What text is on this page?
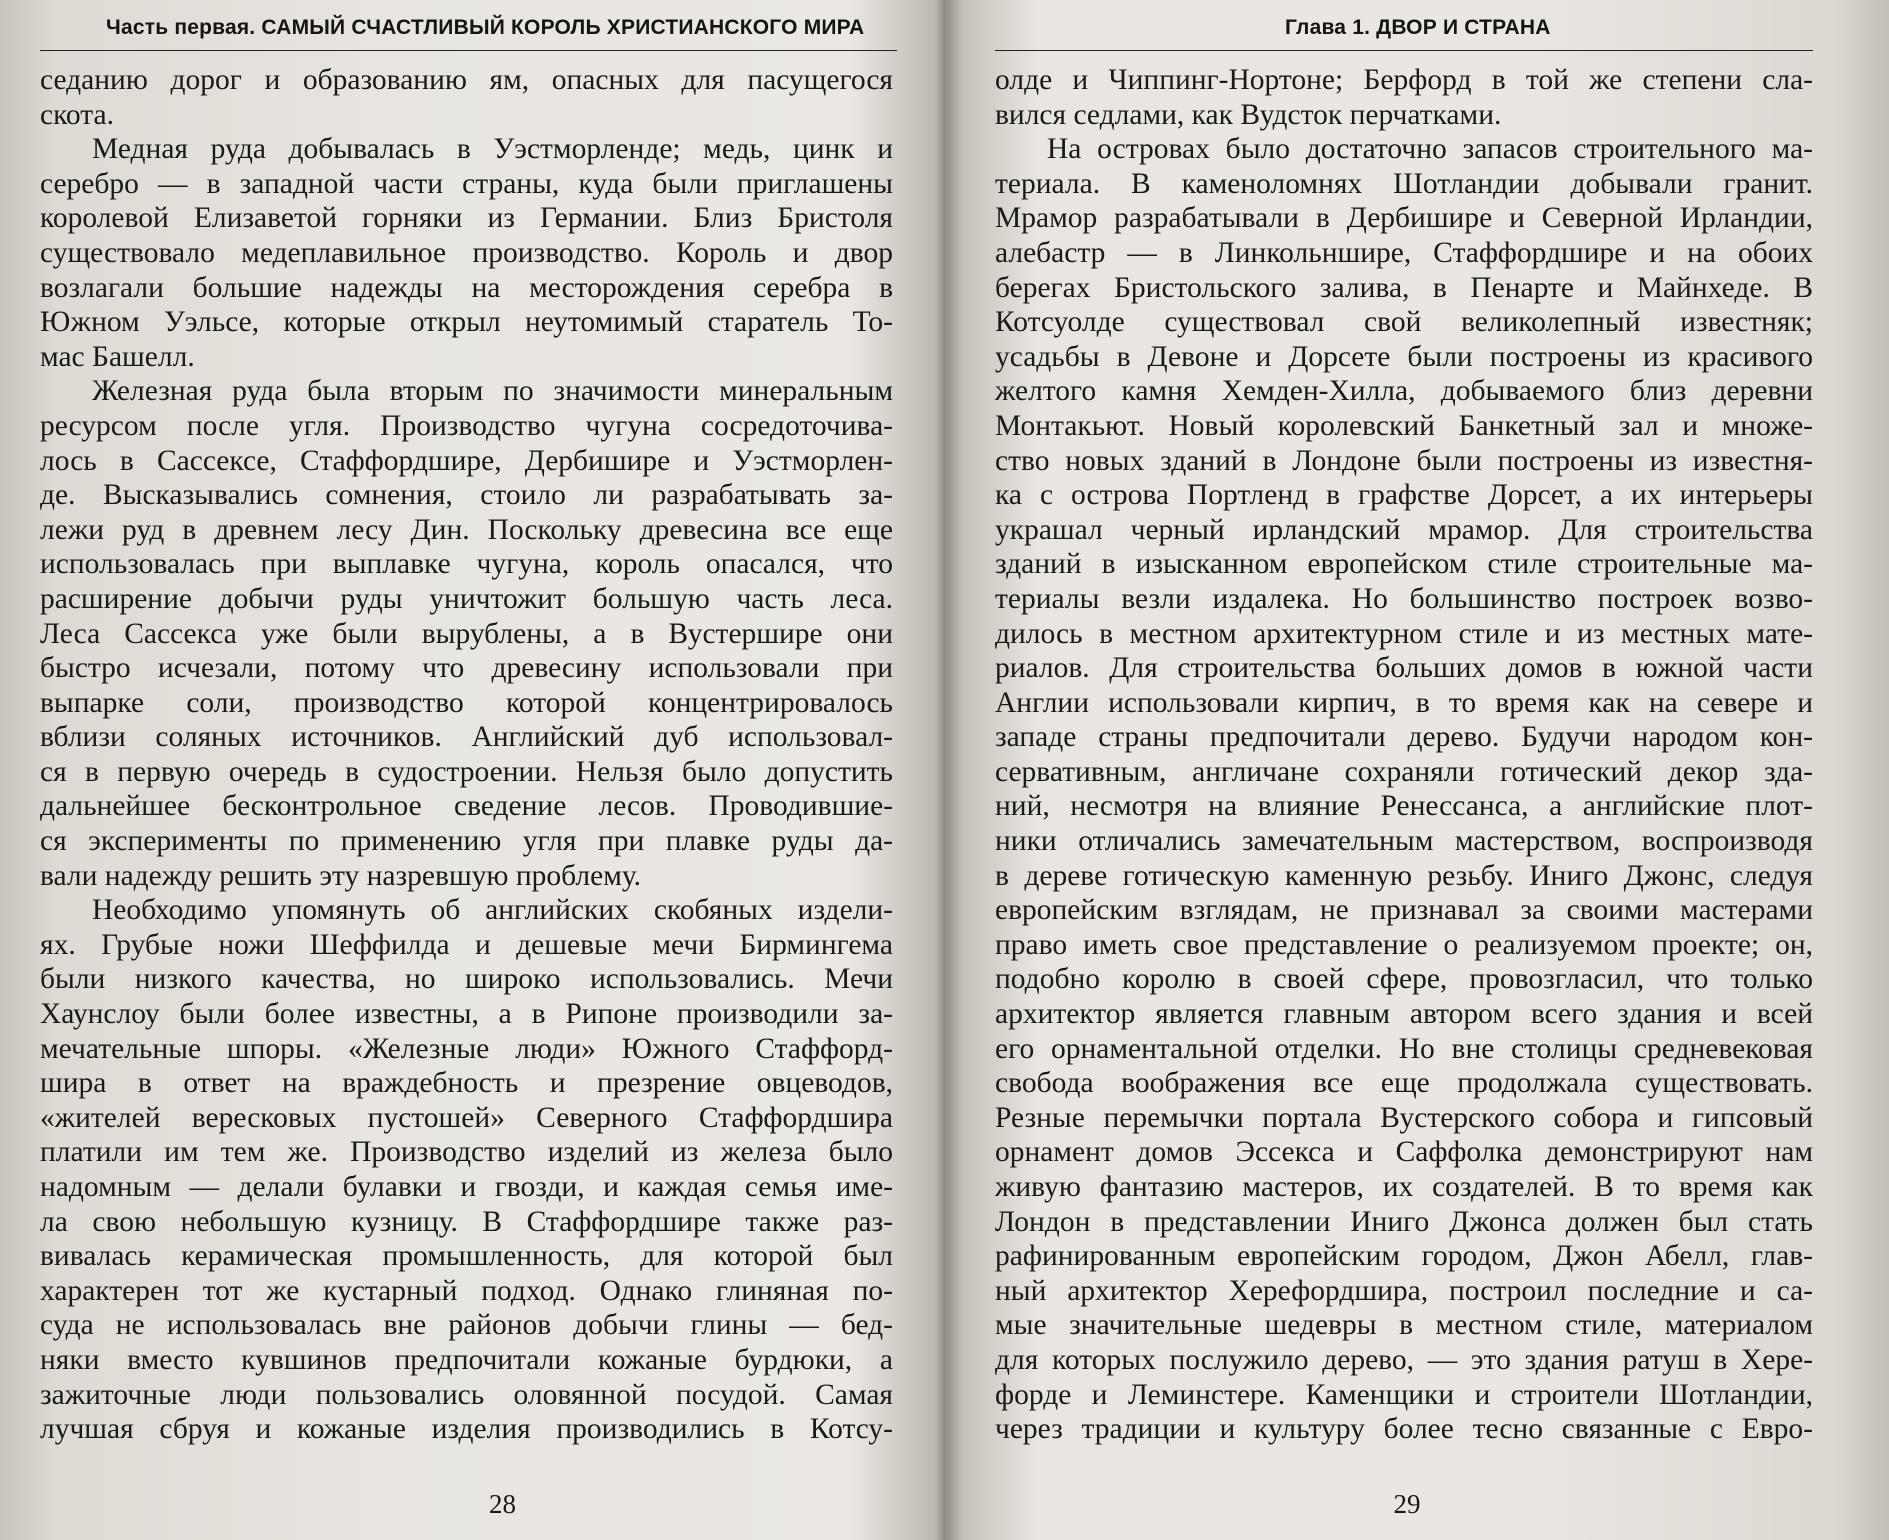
Часть первая. САМЫЙ СЧАСТЛИВЫЙ КОРОЛЬ ХРИСТИАНСКОГО МИРА
седанию дорог и образованию ям, опасных для пасущегося
скота.
Медная руда добывалась в Уэстморленде; медь, цинк и
серебро — в западной части страны, куда были приглашены
королевой Елизаветой горняки из Германии. Близ Бристоля
существовало медеплавильное производство. Король и двор
возлагали большие надежды на месторождения серебра в
Южном Уэльсе, которые открыл неутомимый старатель То-
мас Башелл.
Железная руда была вторым по значимости минеральным
ресурсом после угля. Производство чугуна сосредоточива-
лось в Сассексе, Стаффордшире, Дербишире и Уэстморлен-
де. Высказывались сомнения, стоило ли разрабатывать за-
лежи руд в древнем лесу Дин. Поскольку древесина все еще
использовалась при выплавке чугуна, король опасался, что
расширение добычи руды уничтожит большую часть леса.
Леса Сассекса уже были вырублены, а в Вустершире они
быстро исчезали, потому что древесину использовали при
выпарке соли, производство которой концентрировалось
вблизи соляных источников. Английский дуб использовал-
ся в первую очередь в судостроении. Нельзя было допустить
дальнейшее бесконтрольное сведение лесов. Проводившие-
ся эксперименты по применению угля при плавке руды да-
вали надежду решить эту назревшую проблему.
Необходимо упомянуть об английских скобяных издели-
ях. Грубые ножи Шеффилда и дешевые мечи Бирмингема
были низкого качества, но широко использовались. Мечи
Хаунслоу были более известны, а в Рипоне производили за-
мечательные шпоры. «Железные люди» Южного Стаффорд-
шира в ответ на враждебность и презрение овцеводов,
«жителей вересковых пустошей» Северного Стаффордшира
платили им тем же. Производство изделий из железа было
надомным — делали булавки и гвозди, и каждая семья име-
ла свою небольшую кузницу. В Стаффордшире также раз-
вивалась керамическая промышленность, для которой был
характерен тот же кустарный подход. Однако глиняная по-
суда не использовалась вне районов добычи глины — бед-
няки вместо кувшинов предпочитали кожаные бурдюки, а
зажиточные люди пользовались оловянной посудой. Самая
лучшая сбруя и кожаные изделия производились в Котсу-
28
Глава 1. ДВОР И СТРАНА
олде и Чиппинг-Нортоне; Берфорд в той же степени сла-
вился седлами, как Вудсток перчатками.
На островах было достаточно запасов строительного ма-
териала. В каменоломнях Шотландии добывали гранит.
Мрамор разрабатывали в Дербишире и Северной Ирландии,
алебастр — в Линкольншире, Стаффордшире и на обоих
берегах Бристольского залива, в Пенарте и Майнхеде. В
Котсуолде существовал свой великолепный известняк;
усадьбы в Девоне и Дорсете были построены из красивого
желтого камня Хемден-Хилла, добываемого близ деревни
Монтакьют. Новый королевский Банкетный зал и множе-
ство новых зданий в Лондоне были построены из известня-
ка с острова Портленд в графстве Дорсет, а их интерьеры
украшал черный ирландский мрамор. Для строительства
зданий в изысканном европейском стиле строительные ма-
териалы везли издалека. Но большинство построек возво-
дилось в местном архитектурном стиле и из местных мате-
риалов. Для строительства больших домов в южной части
Англии использовали кирпич, в то время как на севере и
западе страны предпочитали дерево. Будучи народом кон-
сервативным, англичане сохраняли готический декор зда-
ний, несмотря на влияние Ренессанса, а английские плот-
ники отличались замечательным мастерством, воспроизводя
в дереве готическую каменную резьбу. Иниго Джонс, следуя
европейским взглядам, не признавал за своими мастерами
право иметь свое представление о реализуемом проекте; он,
подобно королю в своей сфере, провозгласил, что только
архитектор является главным автором всего здания и всей
его орнаментальной отделки. Но вне столицы средневековая
свобода воображения все еще продолжала существовать.
Резные перемычки портала Вустерского собора и гипсовый
орнамент домов Эссекса и Саффолка демонстрируют нам
живую фантазию мастеров, их создателей. В то время как
Лондон в представлении Иниго Джонса должен был стать
рафинированным европейским городом, Джон Абелл, глав-
ный архитектор Херефордшира, построил последние и са-
мые значительные шедевры в местном стиле, материалом
для которых послужило дерево, — это здания ратуш в Хере-
форде и Леминстере. Каменщики и строители Шотландии,
через традиции и культуру более тесно связанные с Евро-
29
